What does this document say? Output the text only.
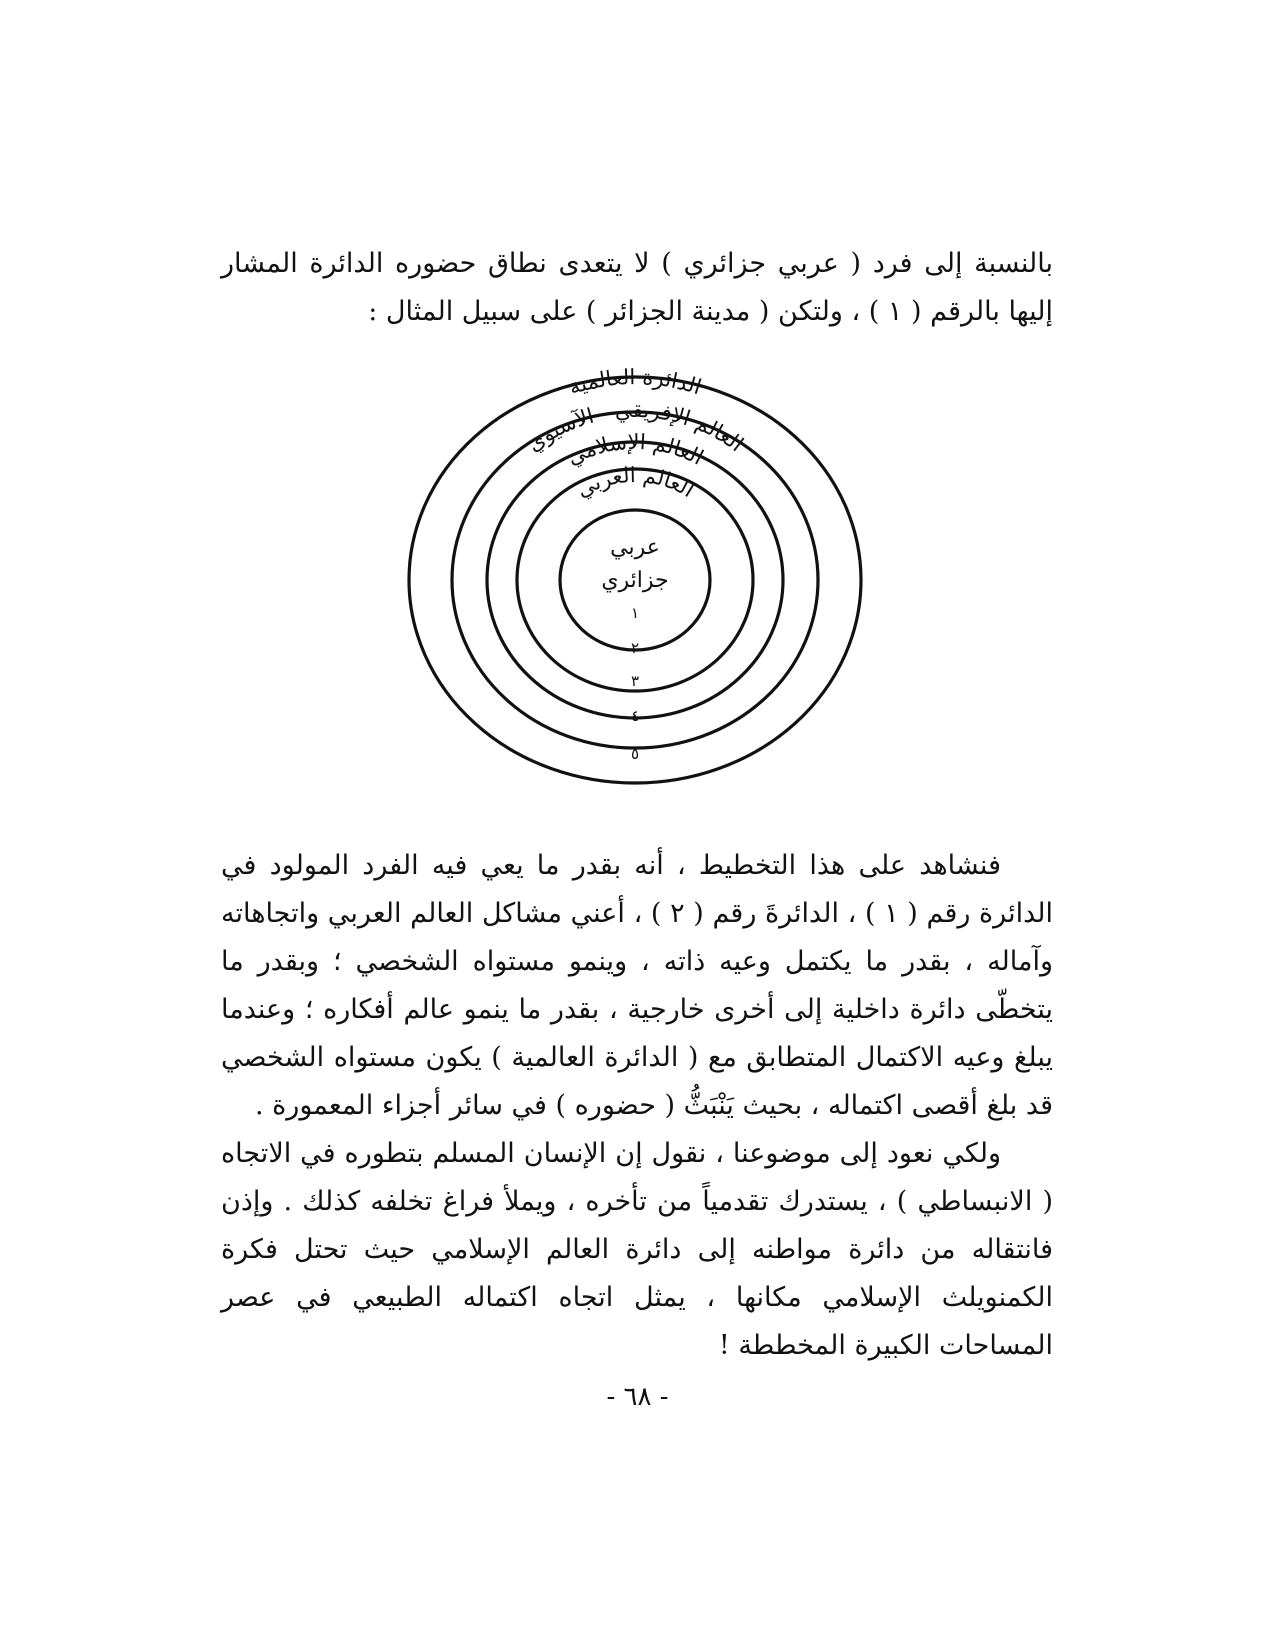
بالنسبة إلى فرد ( عربي جزائري ) لا يتعدى نطاق حضوره الدائرة المشار إليها بالرقم ( ١ ) ، ولتكن ( مدينة الجزائر ) على سبيل المثال :

الدائرة العالمية
العالم الإفريقي - الآسيوي
العالم الإسلامي
العالم العربي
عربي
جزائري
١
٢
٣
٤
٥

فنشاهد على هذا التخطيط ، أنه بقدر ما يعي فيه الفرد المولود في الدائرة رقم ( ١ ) ، الدائرةَ رقم ( ٢ ) ، أعني مشاكل العالم العربي واتجاهاته وآماله ، بقدر ما يكتمل وعيه ذاته ، وينمو مستواه الشخصي ؛ وبقدر ما يتخطّى دائرة داخلية إلى أخرى خارجية ، بقدر ما ينمو عالم أفكاره ؛ وعندما يبلغ وعيه الاكتمال المتطابق مع ( الدائرة العالمية ) يكون مستواه الشخصي قد بلغ أقصى اكتماله ، بحيث يَنْبَثُّ ( حضوره ) في سائر أجزاء المعمورة .

ولكي نعود إلى موضوعنا ، نقول إن الإنسان المسلم بتطوره في الاتجاه ( الانبساطي ) ، يستدرك تقدمياً من تأخره ، ويملأ فراغ تخلفه كذلك . وإذن فانتقاله من دائرة مواطنه إلى دائرة العالم الإسلامي حيث تحتل فكرة الكمنويلث الإسلامي مكانها ، يمثل اتجاه اكتماله الطبيعي في عصر المساحات الكبيرة المخططة !

- ٦٨ -
